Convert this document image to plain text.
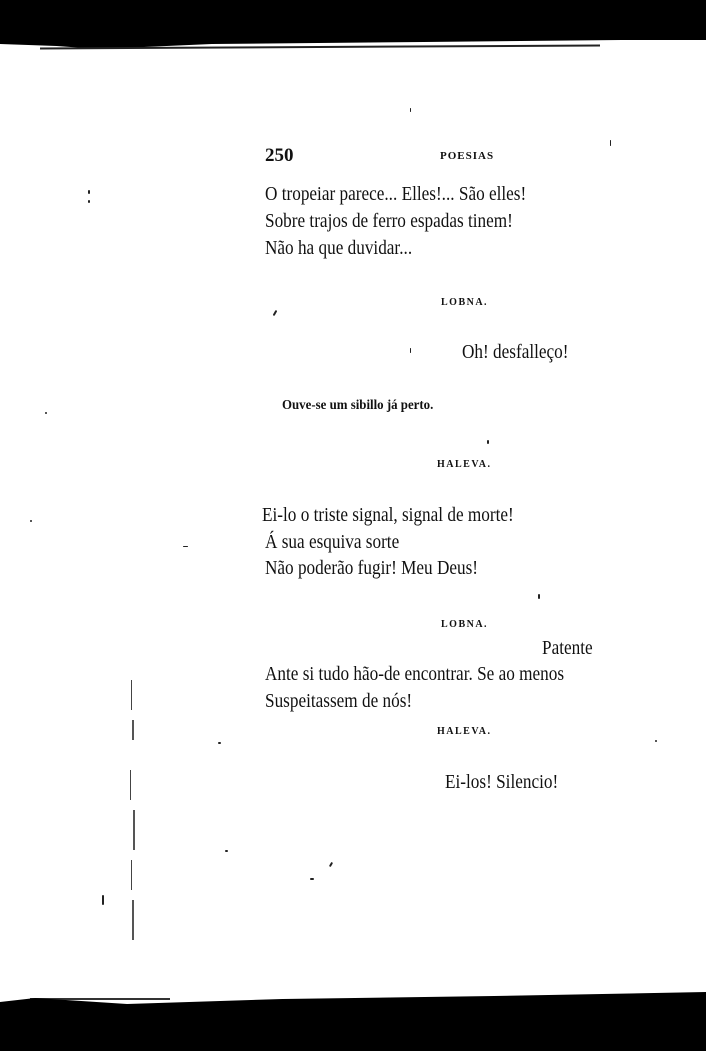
250	POESIAS
O tropeiar parece... Elles!... São elles!
Sobre trajos de ferro espadas tinem!
Não ha que duvidar...
LOBNA.
Oh! desfalleço!
Ouve-se um sibillo já perto.
HALEVA.
Ei-lo o triste signal, signal de morte!
Á sua esquiva sorte
Não poderão fugir! Meu Deus!
LOBNA.
Patente
Ante si tudo hão-de encontrar. Se ao menos
Suspeitassem de nós!
HALEVA.
Ei-los! Silencio!
